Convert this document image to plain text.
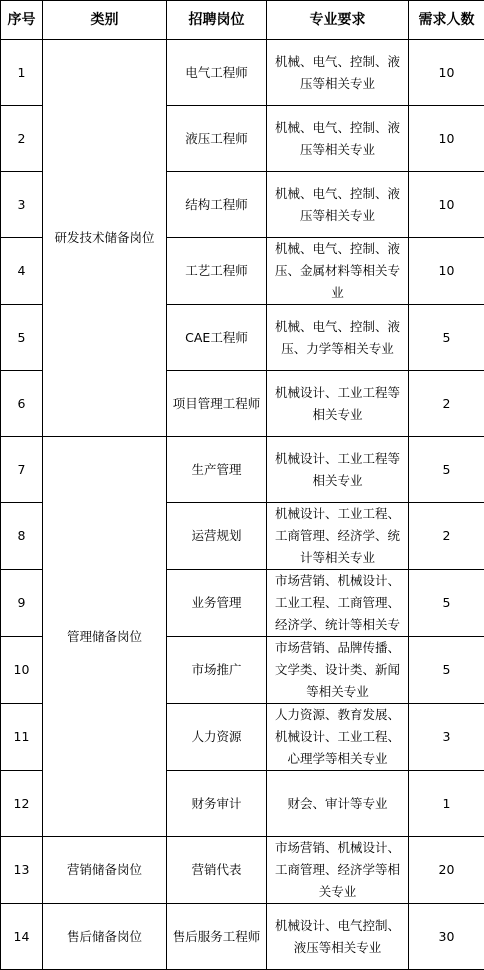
序号	类别	招聘岗位	专业要求	需求人数
1	研发技术储备岗位	电气工程师	机械、电气、控制、液压等相关专业	10
2		液压工程师	机械、电气、控制、液压等相关专业	10
3		结构工程师	机械、电气、控制、液压等相关专业	10
4		工艺工程师	机械、电气、控制、液压、金属材料等相关专业	10
5		CAE工程师	机械、电气、控制、液压、力学等相关专业	5
6		项目管理工程师	机械设计、工业工程等相关专业	2
7	管理储备岗位	生产管理	机械设计、工业工程等相关专业	5
8		运营规划	机械设计、工业工程、工商管理、经济学、统计等相关专业	2
9		业务管理	市场营销、机械设计、工业工程、工商管理、经济学、统计等相关专	5
10		市场推广	市场营销、品牌传播、文学类、设计类、新闻等相关专业	5
11		人力资源	人力资源、教育发展、机械设计、工业工程、心理学等相关专业	3
12		财务审计	财会、审计等专业	1
13	营销储备岗位	营销代表	市场营销、机械设计、工商管理、经济学等相关专业	20
14	售后储备岗位	售后服务工程师	机械设计、电气控制、液压等相关专业	30
